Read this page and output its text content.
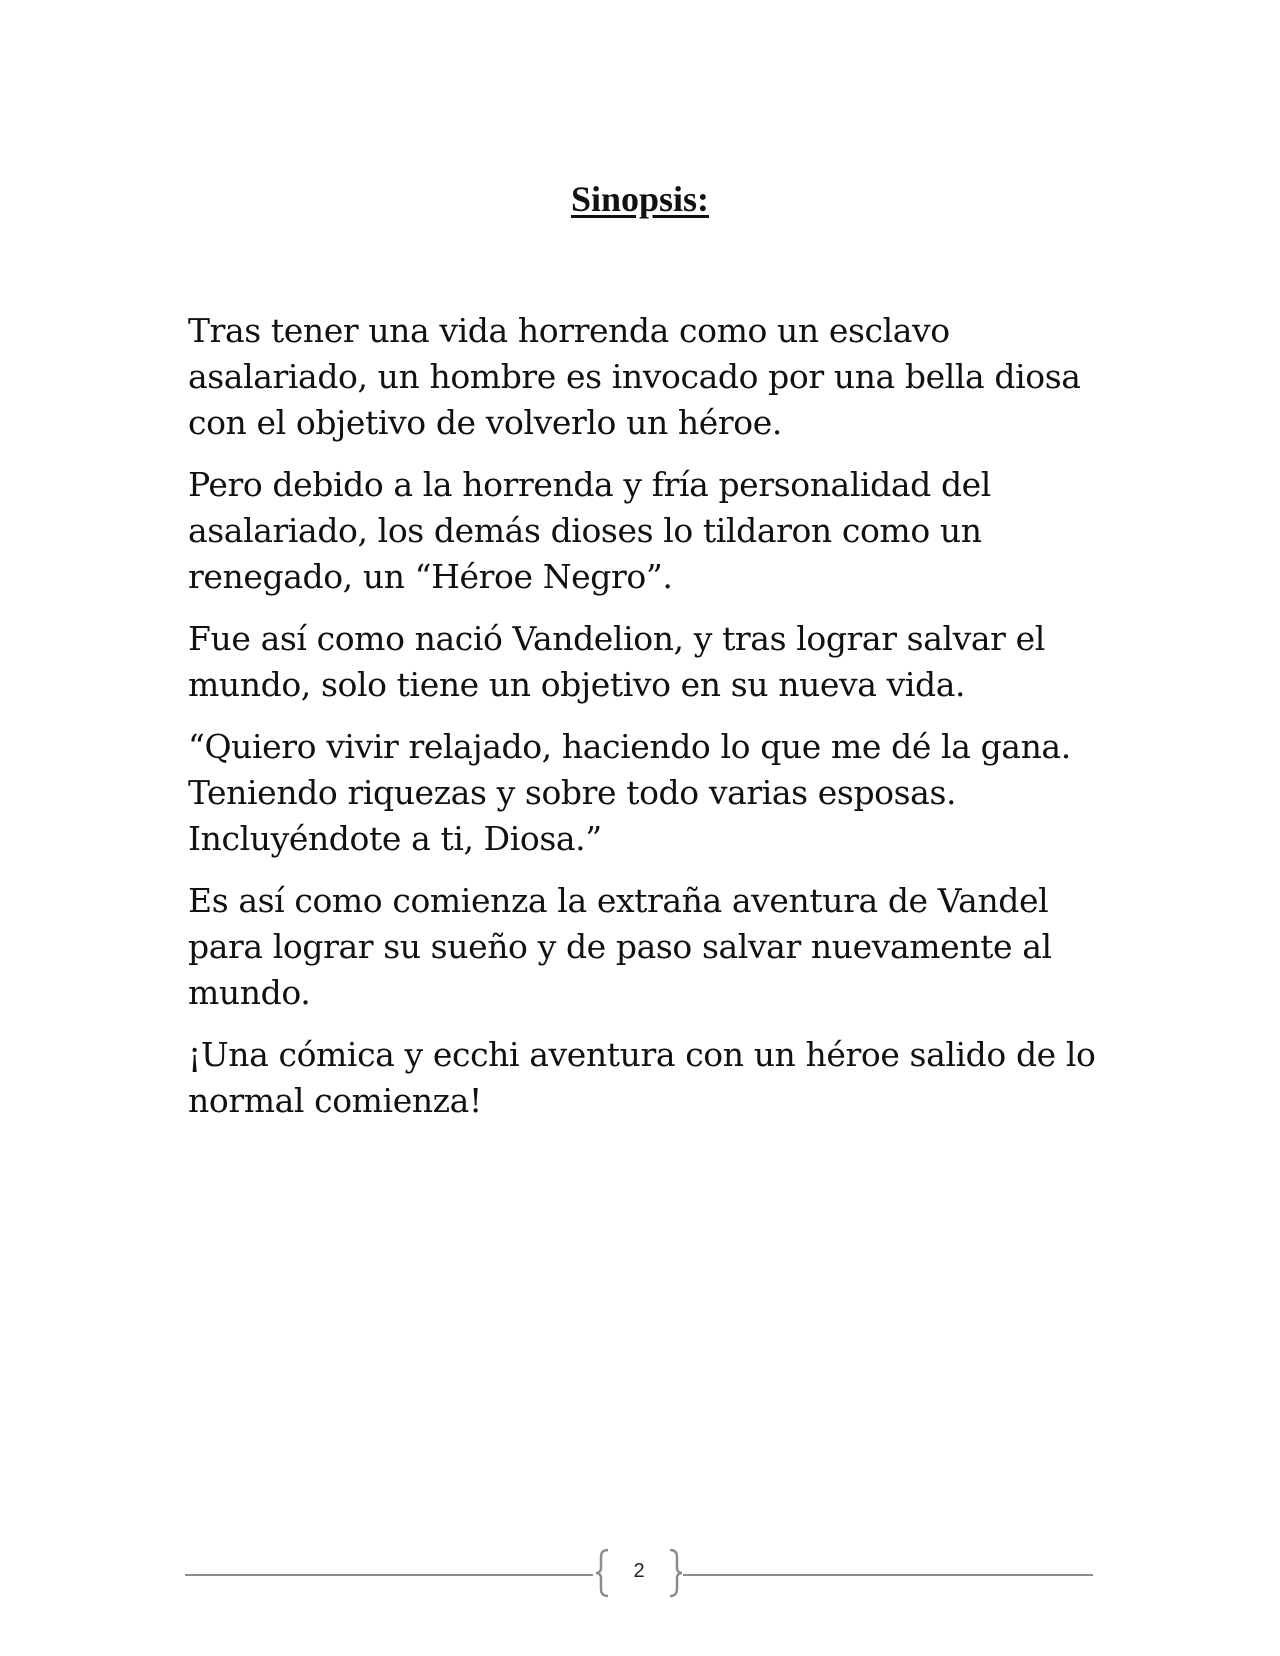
Sinopsis:

Tras tener una vida horrenda como un esclavo asalariado, un hombre es invocado por una bella diosa con el objetivo de volverlo un héroe.

Pero debido a la horrenda y fría personalidad del asalariado, los demás dioses lo tildaron como un renegado, un “Héroe Negro”.

Fue así como nació Vandelion, y tras lograr salvar el mundo, solo tiene un objetivo en su nueva vida.

“Quiero vivir relajado, haciendo lo que me dé la gana. Teniendo riquezas y sobre todo varias esposas. Incluyéndote a ti, Diosa.”

Es así como comienza la extraña aventura de Vandel para lograr su sueño y de paso salvar nuevamente al mundo.

¡Una cómica y ecchi aventura con un héroe salido de lo normal comienza!

2
